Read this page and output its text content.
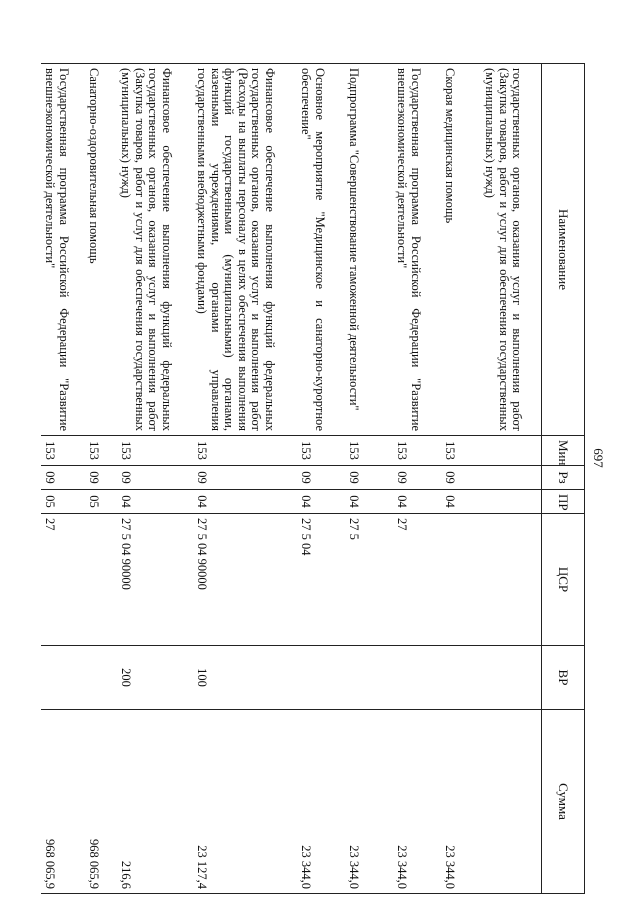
697
Наименование	Мин	Рз	ПР	ЦСР	ВР	Сумма
государственных органов, оказания услуг и выполнения работ (Закупка товаров, работ и услуг для обеспечения государственных (муниципальных) нужд)						
Скорая медицинская помощь	153	09	04			23 344,0
Государственная программа Российской Федерации "Развитие внешнеэкономической деятельности"	153	09	04	27		23 344,0
Подпрограмма "Совершенствование таможенной деятельности"	153	09	04	27 5		23 344,0
Основное мероприятие "Медицинское и санаторно-курортное обеспечение"	153	09	04	27 5 04		23 344,0
Финансовое обеспечение выполнения функций федеральных государственных органов, оказания услуг и выполнения работ (Расходы на выплаты персоналу в целях обеспечения выполнения функций государственными (муниципальными) органами, казенными учреждениями, органами управления государственными внебюджетными фондами)	153	09	04	27 5 04 90000	100	23 127,4
Финансовое обеспечение выполнения функций федеральных государственных органов, оказания услуг и выполнения работ (Закупка товаров, работ и услуг для обеспечения государственных (муниципальных) нужд)	153	09	04	27 5 04 90000	200	216,6
Санаторно-оздоровительная помощь	153	09	05			968 065,9
Государственная программа Российской Федерации "Развитие внешнеэкономической деятельности"	153	09	05	27		968 065,9
